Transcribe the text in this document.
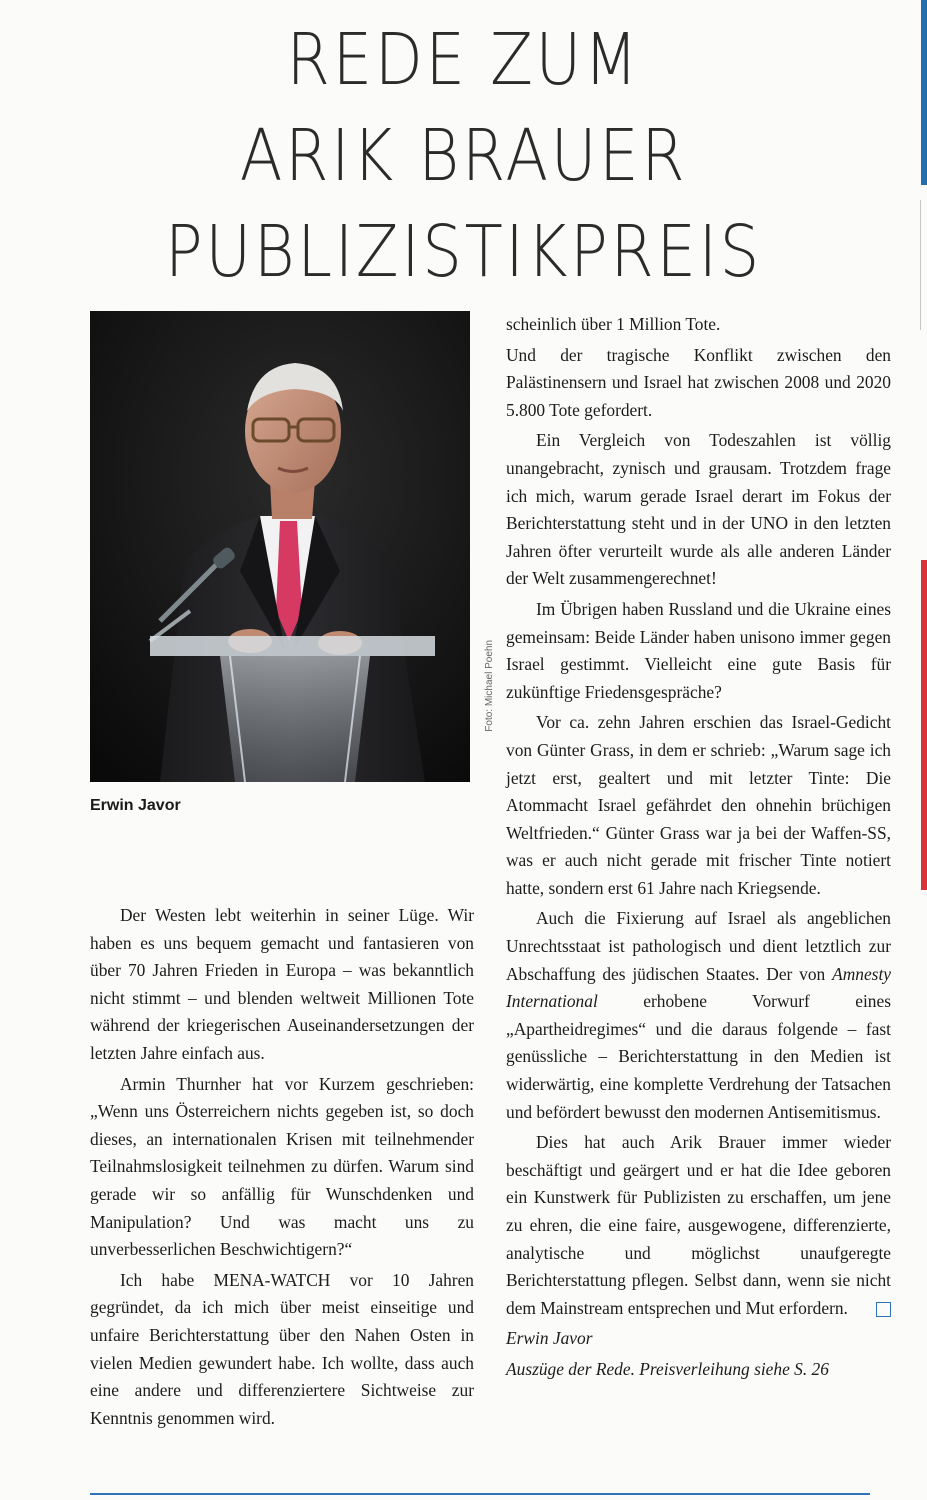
REDE ZUM
ARIK BRAUER
PUBLIZISTIKPREIS
Foto: Michael Poehn
Erwin Javor

Der Westen lebt weiterhin in seiner Lüge. Wir haben es uns bequem gemacht und fantasieren von über 70 Jahren Frieden in Europa – was bekanntlich nicht stimmt – und blenden weltweit Millionen Tote während der kriegerischen Auseinandersetzungen der letzten Jahre einfach aus.

Armin Thurnher hat vor Kurzem geschrieben: „Wenn uns Österreichern nichts gegeben ist, so doch dieses, an internationalen Krisen mit teilnehmender Teilnahmslosigkeit teilnehmen zu dürfen. Warum sind gerade wir so anfällig für Wunschdenken und Manipulation? Und was macht uns zu unverbesserlichen Beschwichtigern?“

Ich habe MENA-WATCH vor 10 Jahren gegründet, da ich mich über meist einseitige und unfaire Berichterstattung über den Nahen Osten in vielen Medien gewundert habe. Ich wollte, dass auch eine andere und differenziertere Sichtweise zur Kenntnis genommen wird.

scheinlich über 1 Million Tote.

Und der tragische Konflikt zwischen den Palästinensern und Israel hat zwischen 2008 und 2020 5.800 Tote gefordert.

Ein Vergleich von Todeszahlen ist völlig unangebracht, zynisch und grausam. Trotzdem frage ich mich, warum gerade Israel derart im Fokus der Berichterstattung steht und in der UNO in den letzten Jahren öfter verurteilt wurde als alle anderen Länder der Welt zusammengerechnet!

Im Übrigen haben Russland und die Ukraine eines gemeinsam: Beide Länder haben unisono immer gegen Israel gestimmt. Vielleicht eine gute Basis für zukünftige Friedensgespräche?

Vor ca. zehn Jahren erschien das Israel-Gedicht von Günter Grass, in dem er schrieb: „Warum sage ich jetzt erst, gealtert und mit letzter Tinte: Die Atommacht Israel gefährdet den ohnehin brüchigen Weltfrieden.“ Günter Grass war ja bei der Waffen-SS, was er auch nicht gerade mit frischer Tinte notiert hatte, sondern erst 61 Jahre nach Kriegsende.

Auch die Fixierung auf Israel als angeblichen Unrechtsstaat ist pathologisch und dient letztlich zur Abschaffung des jüdischen Staates. Der von Amnesty International erhobene Vorwurf eines „Apartheidregimes“ und die daraus folgende – fast genüssliche – Berichterstattung in den Medien ist widerwärtig, eine komplette Verdrehung der Tatsachen und befördert bewusst den modernen Antisemitismus.

Dies hat auch Arik Brauer immer wieder beschäftigt und geärgert und er hat die Idee geboren ein Kunstwerk für Publizisten zu erschaffen, um jene zu ehren, die eine faire, ausgewogene, differenzierte, analytische und möglichst unaufgeregte Berichterstattung pflegen. Selbst dann, wenn sie nicht dem Mainstream entsprechen und Mut erfordern.

Erwin Javor

Auszüge der Rede. Preisverleihung siehe S. 26
